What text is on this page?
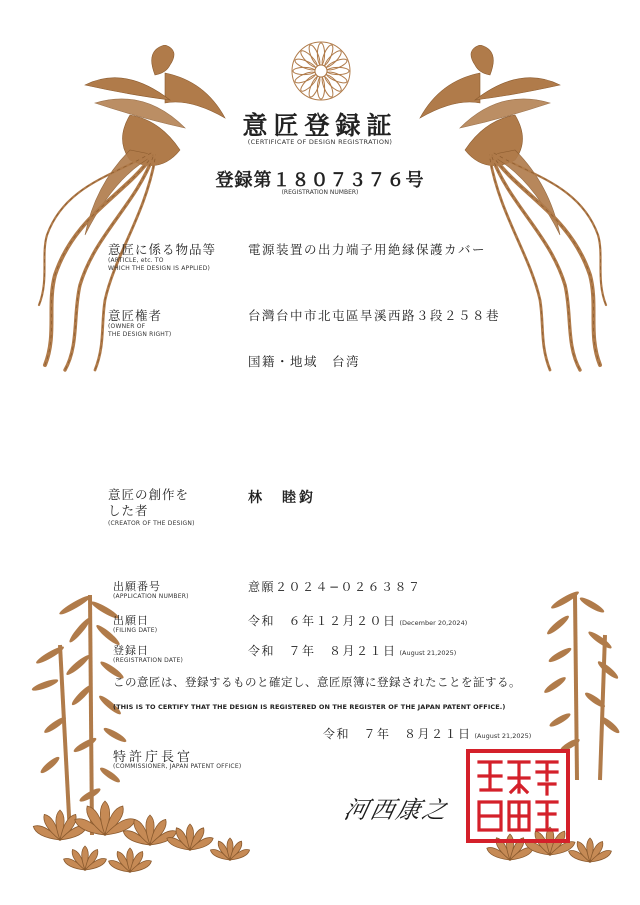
意匠登録証
(CERTIFICATE OF DESIGN REGISTRATION)
登録第１８０７３７６号
(REGISTRATION NUMBER)
意匠に係る物品等
(ARTICLE, etc. TO
WHICH THE DESIGN IS APPLIED)
電源装置の出力端子用絶縁保護カバー
意匠権者
(OWNER OF
THE DESIGN RIGHT)
台灣台中市北屯區旱溪西路３段２５８巷
国籍・地域　台湾
意匠の創作を
した者
(CREATOR OF THE DESIGN)
林　睦鈞
出願番号
(APPLICATION NUMBER)
意願２０２４−０２６３８７
出願日
(FILING DATE)
令和　６年１２月２０日 (December 20,2024)
登録日
(REGISTRATION DATE)
令和　７年　８月２１日 (August 21,2025)
この意匠は、登録するものと確定し、意匠原簿に登録されたことを証する。
(THIS IS TO CERTIFY THAT THE DESIGN IS REGISTERED ON THE REGISTER OF THE JAPAN PATENT OFFICE.)
令和　７年　８月２１日 (August 21,2025)
特許庁長官
(COMMISSIONER, JAPAN PATENT OFFICE)
河西康之
